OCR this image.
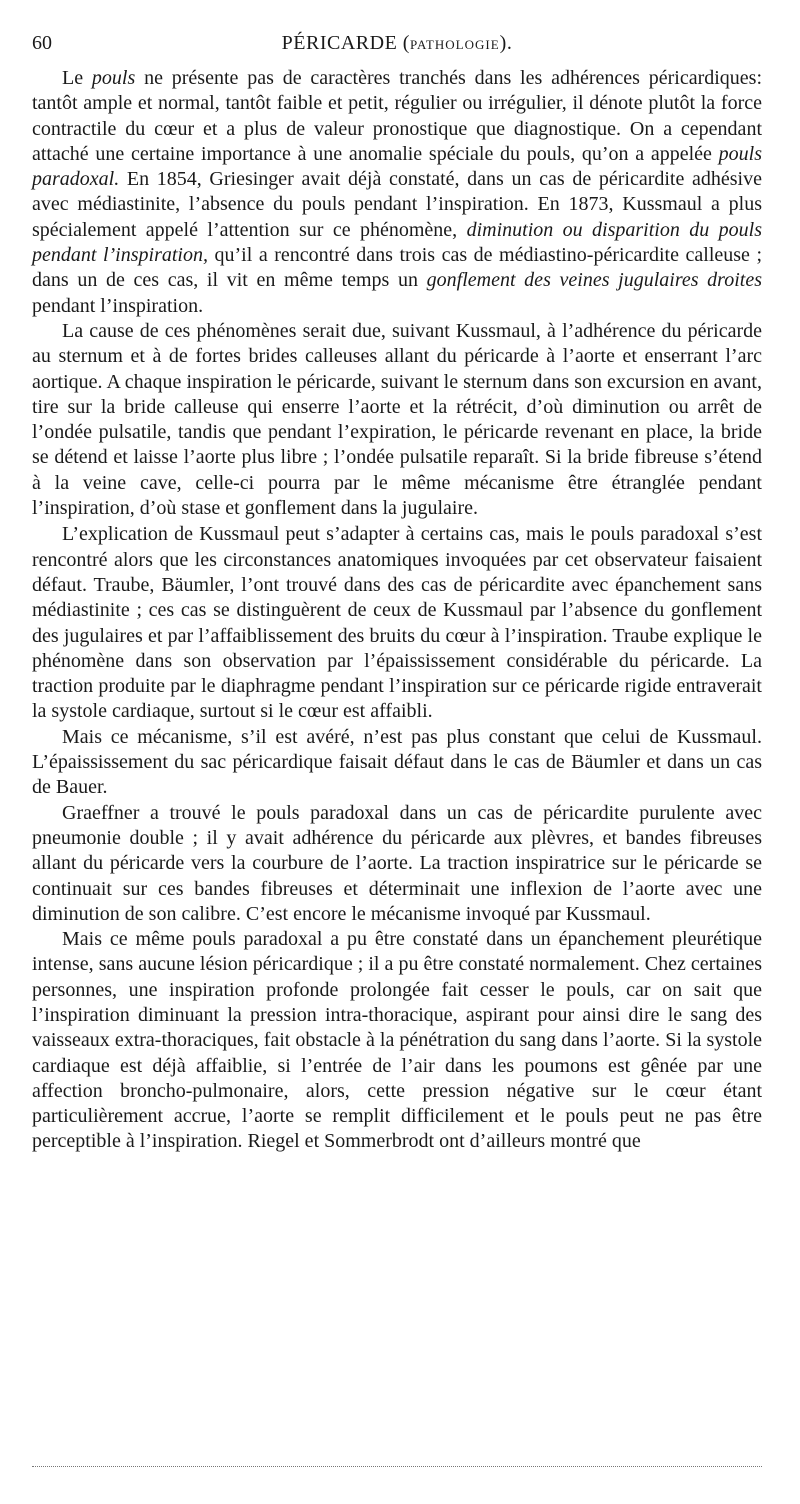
60	PÉRICARDE (PATHOLOGIE).

Le pouls ne présente pas de caractères tranchés dans les adhérences péricardiques: tantôt ample et normal, tantôt faible et petit, régulier ou irrégulier, il dénote plutôt la force contractile du cœur et a plus de valeur pronostique que diagnostique. On a cependant attaché une certaine importance à une anomalie spéciale du pouls, qu’on a appelée pouls paradoxal. En 1854, Griesinger avait déjà constaté, dans un cas de péricardite adhésive avec médiastinite, l’absence du pouls pendant l’inspiration. En 1873, Kussmaul a plus spécialement appelé l’attention sur ce phénomène, diminution ou disparition du pouls pendant l’inspiration, qu’il a rencontré dans trois cas de médiastino-péricardite calleuse ; dans un de ces cas, il vit en même temps un gonflement des veines jugulaires droites pendant l’inspiration.

La cause de ces phénomènes serait due, suivant Kussmaul, à l’adhérence du péricarde au sternum et à de fortes brides calleuses allant du péricarde à l’aorte et enserrant l’arc aortique. A chaque inspiration le péricarde, suivant le sternum dans son excursion en avant, tire sur la bride calleuse qui enserre l’aorte et la rétrécit, d’où diminution ou arrêt de l’ondée pulsatile, tandis que pendant l’expiration, le péricarde revenant en place, la bride se détend et laisse l’aorte plus libre ; l’ondée pulsatile reparaît. Si la bride fibreuse s’étend à la veine cave, celle-ci pourra par le même mécanisme être étranglée pendant l’inspiration, d’où stase et gonflement dans la jugulaire.

L’explication de Kussmaul peut s’adapter à certains cas, mais le pouls paradoxal s’est rencontré alors que les circonstances anatomiques invoquées par cet observateur faisaient défaut. Traube, Bäumler, l’ont trouvé dans des cas de péricardite avec épanchement sans médiastinite ; ces cas se distinguèrent de ceux de Kussmaul par l’absence du gonflement des jugulaires et par l’affaiblissement des bruits du cœur à l’inspiration. Traube explique le phénomène dans son observation par l’épaississement considérable du péricarde. La traction produite par le diaphragme pendant l’inspiration sur ce péricarde rigide entraverait la systole cardiaque, surtout si le cœur est affaibli.

Mais ce mécanisme, s’il est avéré, n’est pas plus constant que celui de Kussmaul. L’épaississement du sac péricardique faisait défaut dans le cas de Bäumler et dans un cas de Bauer.

Graeffner a trouvé le pouls paradoxal dans un cas de péricardite purulente avec pneumonie double ; il y avait adhérence du péricarde aux plèvres, et bandes fibreuses allant du péricarde vers la courbure de l’aorte. La traction inspiratrice sur le péricarde se continuait sur ces bandes fibreuses et déterminait une inflexion de l’aorte avec une diminution de son calibre. C’est encore le mécanisme invoqué par Kussmaul.

Mais ce même pouls paradoxal a pu être constaté dans un épanchement pleurétique intense, sans aucune lésion péricardique ; il a pu être constaté normalement. Chez certaines personnes, une inspiration profonde prolongée fait cesser le pouls, car on sait que l’inspiration diminuant la pression intra-thoracique, aspirant pour ainsi dire le sang des vaisseaux extra-thoraciques, fait obstacle à la pénétration du sang dans l’aorte. Si la systole cardiaque est déjà affaiblie, si l’entrée de l’air dans les poumons est gênée par une affection broncho-pulmonaire, alors, cette pression négative sur le cœur étant particulièrement accrue, l’aorte se remplit difficilement et le pouls peut ne pas être perceptible à l’inspiration. Riegel et Sommerbrodt ont d’ailleurs montré que
